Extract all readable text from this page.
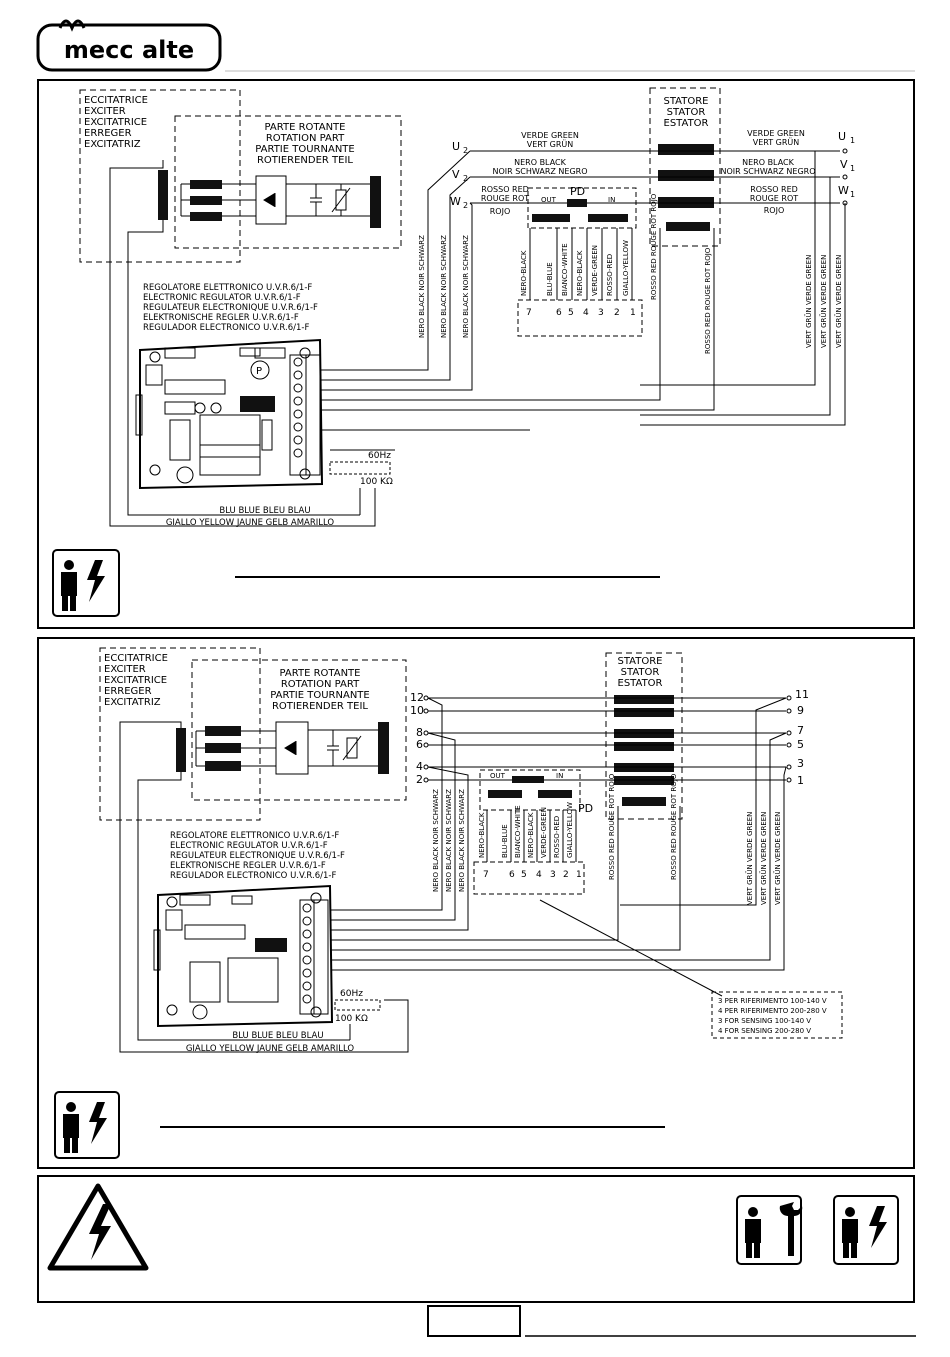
mecc alte
ECCITATRICE
EXCITER
EXCITATRICE
ERREGER
EXCITATRIZ
PARTE ROTANTE
ROTATION PART
PARTIE TOURNANTE
ROTIERENDER TEIL
STATORE
STATOR
ESTATOR
U 2
V 2
W 2
U 1
V 1
W 1
VERDE GREEN
VERT GRÜN
VERDE GREEN
VERT GRÜN
NERO BLACK
NOIR SCHWARZ NEGRO
NERO BLACK
NOIR SCHWARZ NEGRO
ROSSO RED
ROUGE ROT
ROJO
ROSSO RED
ROUGE ROT
ROJO
PD
OUT	IN
7	6 5 4 3 2 1
NERO-BLACK	BLU-BLUE BIANCO-WHITE NERO-BLACK VERDE-GREEN ROSSO-RED GIALLO-YELLOW
NERO BLACK NOIR SCHWARZ NERO BLACK NOIR SCHWARZ NERO BLACK NOIR SCHWARZ	ROSSO RED ROUGE ROT ROJO
ROSSO RED ROUGE ROT ROJO	VERT GRÜN VERDE GREEN VERT GRÜN VERDE GREEN VERT GRÜN VERDE GREEN
REGOLATORE ELETTRONICO U.V.R.6/1-F
ELECTRONIC REGULATOR U.V.R.6/1-F
REGULATEUR ELECTRONIQUE U.V.R.6/1-F
ELEKTRONISCHE REGLER U.V.R.6/1-F
REGULADOR ELECTRONICO U.V.R.6/1-F
P
60Hz
100 KΩ
BLU BLUE BLEU BLAU
GIALLO YELLOW JAUNE GELB AMARILLO
ECCITATRICE
EXCITER
EXCITATRICE
ERREGER
EXCITATRIZ
PARTE ROTANTE
ROTATION PART
PARTIE TOURNANTE
ROTIERENDER TEIL
STATORE
STATOR
ESTATOR
12
10
8
6
4
2
11
9
7
5
3
1
OUT	IN
PD
7 6 5 4 3 2 1
NERO-BLACK BLU-BLUE BIANCO-WHITE NERO-BLACK VERDE-GREEN ROSSO-RED GIALLO-YELLOW
NERO BLACK NOIR SCHWARZ NERO BLACK NOIR SCHWARZ NERO BLACK NOIR SCHWARZ	ROSSO RED ROUGE ROT ROJO	ROSSO RED ROUGE ROT ROJO	VERT GRÜN VERDE GREEN VERT GRÜN VERDE GREEN VERT GRÜN VERDE GREEN
3 PER RIFERIMENTO 100-140 V
4 PER RIFERIMENTO 200-280 V
3 FOR SENSING 100-140 V
4 FOR SENSING 200-280 V
REGOLATORE ELETTRONICO U.V.R.6/1-F
ELECTRONIC REGULATOR U.V.R.6/1-F
REGULATEUR ELECTRONIQUE U.V.R.6/1-F
ELEKTRONISCHE REGLER U.V.R.6/1-F
REGULADOR ELECTRONICO U.V.R.6/1-F
60Hz
100 KΩ
BLU BLUE BLEU BLAU
GIALLO YELLOW JAUNE GELB AMARILLO
